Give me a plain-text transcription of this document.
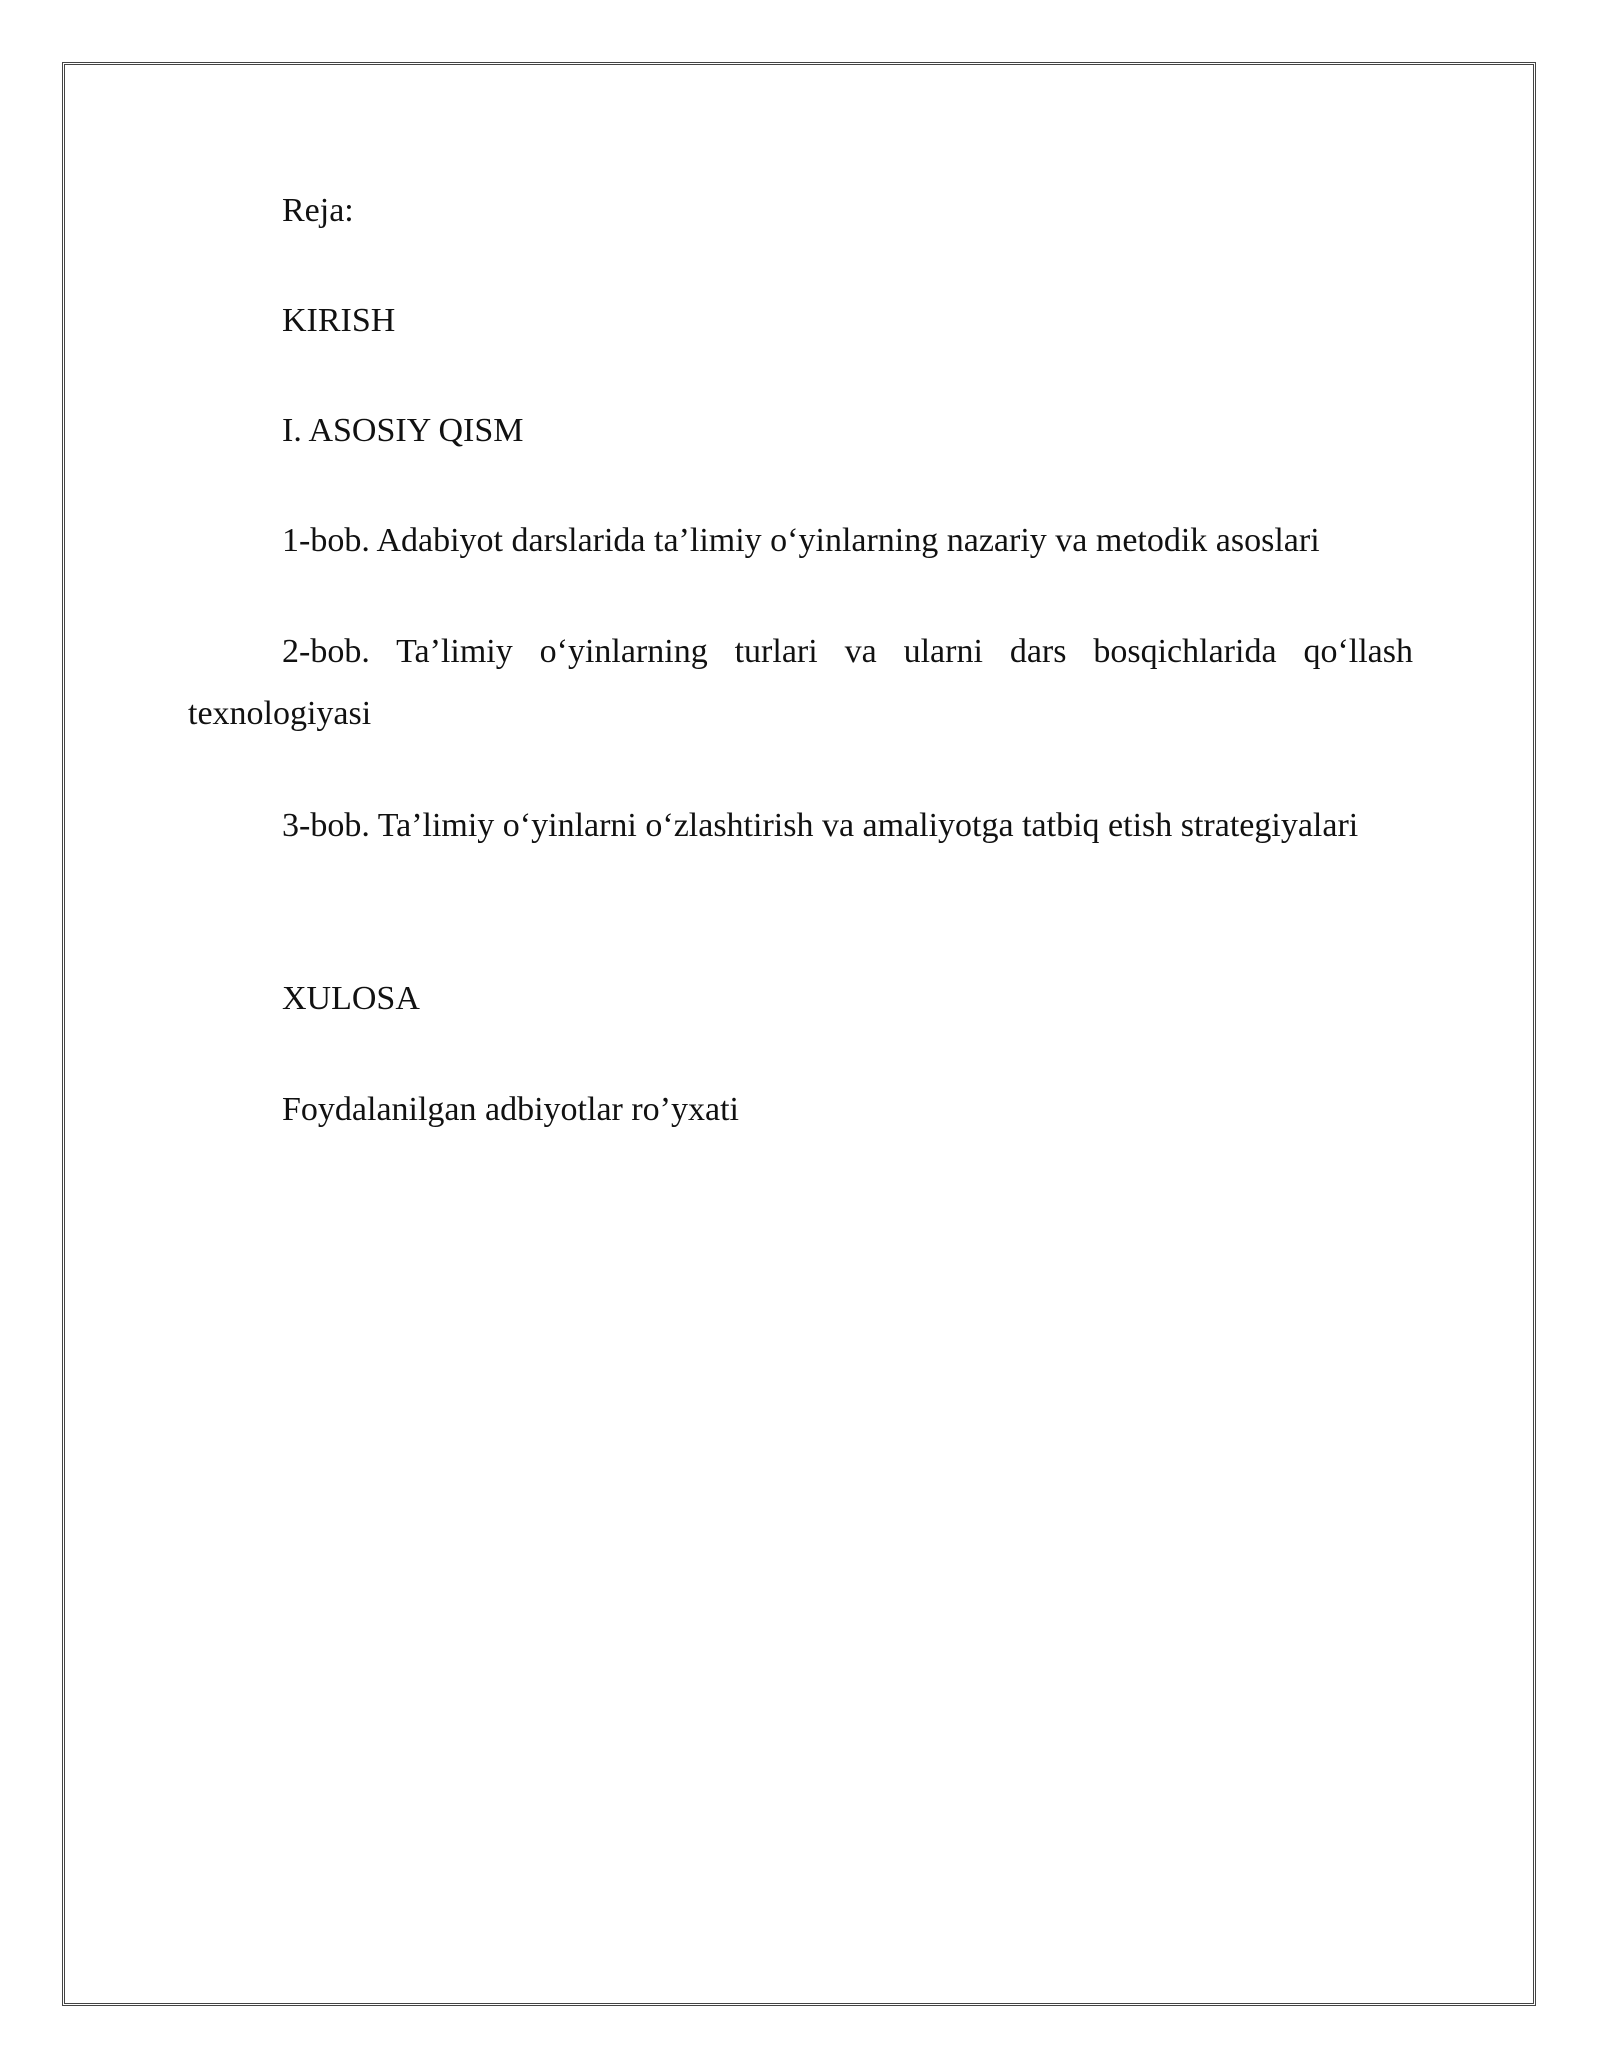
Reja:

KIRISH

I. ASOSIY QISM

1-bob. Adabiyot darslarida ta’limiy o‘yinlarning nazariy va metodik asoslari

2-bob. Ta’limiy o‘yinlarning turlari va ularni dars bosqichlarida qo‘llash texnologiyasi

3-bob. Ta’limiy o‘yinlarni o‘zlashtirish va amaliyotga tatbiq etish strategiyalari

XULOSA

Foydalanilgan adbiyotlar ro’yxati
